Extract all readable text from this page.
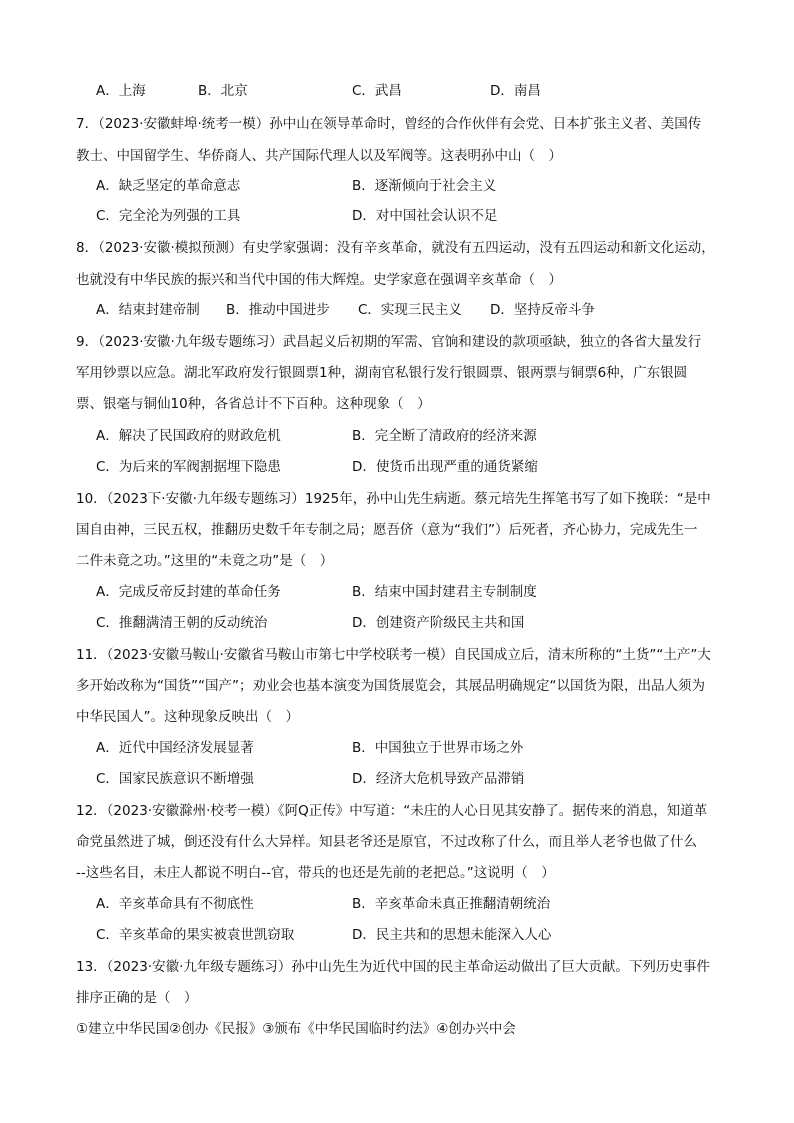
A．上海	B．北京	C．武昌	D．南昌
7．（2023·安徽蚌埠·统考一模）孙中山在领导革命时，曾经的合作伙伴有会党、日本扩张主义者、美国传
教士、中国留学生、华侨商人、共产国际代理人以及军阀等。这表明孙中山（　）
A．缺乏坚定的革命意志	B．逐渐倾向于社会主义
C．完全沦为列强的工具	D．对中国社会认识不足
8．（2023·安徽·模拟预测）有史学家强调：没有辛亥革命，就没有五四运动，没有五四运动和新文化运动，
也就没有中华民族的振兴和当代中国的伟大辉煌。史学家意在强调辛亥革命（　）
A．结束封建帝制 B．推动中国进步 C．实现三民主义 D．坚持反帝斗争
9．（2023·安徽·九年级专题练习）武昌起义后初期的军需、官饷和建设的款项亟缺，独立的各省大量发行
军用钞票以应急。湖北军政府发行银圆票1种，湖南官私银行发行银圆票、银两票与铜票6种，广东银圆
票、银毫与铜仙10种，各省总计不下百种。这种现象（　）
A．解决了民国政府的财政危机	B．完全断了清政府的经济来源
C．为后来的军阀割据埋下隐患	D．使货币出现严重的通货紧缩
10．（2023下·安徽·九年级专题练习）1925年，孙中山先生病逝。蔡元培先生挥笔书写了如下挽联：“是中
国自由神，三民五权，推翻历史数千年专制之局；愿吾侪（意为“我们”）后死者，齐心协力，完成先生一
二件未竟之功。”这里的“未竟之功”是（　）
A．完成反帝反封建的革命任务	B．结束中国封建君主专制制度
C．推翻满清王朝的反动统治	D．创建资产阶级民主共和国
11．（2023·安徽马鞍山·安徽省马鞍山市第七中学校联考一模）自民国成立后，清末所称的“土货”“土产”大
多开始改称为“国货”“国产”；劝业会也基本演变为国货展览会，其展品明确规定“以国货为限，出品人须为
中华民国人”。这种现象反映出（　）
A．近代中国经济发展显著	B．中国独立于世界市场之外
C．国家民族意识不断增强	D．经济大危机导致产品滞销
12．（2023·安徽滁州·校考一模）《阿Q正传》中写道：“未庄的人心日见其安静了。据传来的消息，知道革
命党虽然进了城，倒还没有什么大异样。知县老爷还是原官，不过改称了什么，而且举人老爷也做了什么
--这些名目，未庄人都说不明白--官，带兵的也还是先前的老把总。”这说明（　）
A．辛亥革命具有不彻底性	B．辛亥革命未真正推翻清朝统治
C．辛亥革命的果实被袁世凯窃取	D．民主共和的思想未能深入人心
13．（2023·安徽·九年级专题练习）孙中山先生为近代中国的民主革命运动做出了巨大贡献。下列历史事件
排序正确的是（　）
①建立中华民国②创办《民报》③颁布《中华民国临时约法》④创办兴中会
